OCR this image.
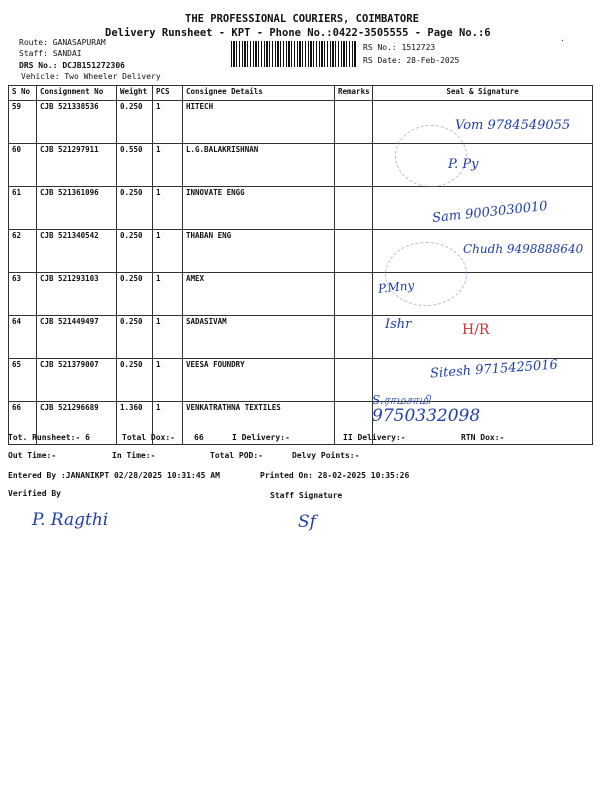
THE PROFESSIONAL COURIERS, COIMBATORE
Delivery Runsheet - KPT - Phone No.:0422-3505555 - Page No.:6
Route: GANASAPURAM
Staff: SANDAI
DRS No.: DCJB151272306
Vehicle: Two Wheeler Delivery
RS No.: 1512723
RS Date: 28-Feb-2025
·
S No	Consignment No	Weight	PCS	Consignee Details	Remarks	Seal & Signature
59	CJB 521338536	0.250	1	HITECH		
60	CJB 521297911	0.550	1	L.G.BALAKRISHNAN		
61	CJB 521361096	0.250	1	INNOVATE ENGG		
62	CJB 521340542	0.250	1	THABAN ENG		
63	CJB 521293103	0.250	1	AMEX		
64	CJB 521449497	0.250	1	SADASIVAM		
65	CJB 521379007	0.250	1	VEESA FOUNDRY		
66	CJB 521296689	1.360	1	VENKATRATHNA TEXTILES		
Vom 9784549055
P. Py
Sam 9003030010
Chudh 9498888640
P.Mny
Ishr	H/R
Sitesh 9715425016
S.ராமசாமி
9750332098
Tot. Runsheet:- 6	Total Dox:- 66	I Delivery:-	II Delivery:-	RTN Dox:-
Out Time:-	In Time:-	Total POD:-	Delvy Points:-
Entered By :JANANIKPT 02/28/2025 10:31:45 AM	Printed On: 28-02-2025 10:35:26
Verified By	Staff Signature
P. Ragthi	Sf
